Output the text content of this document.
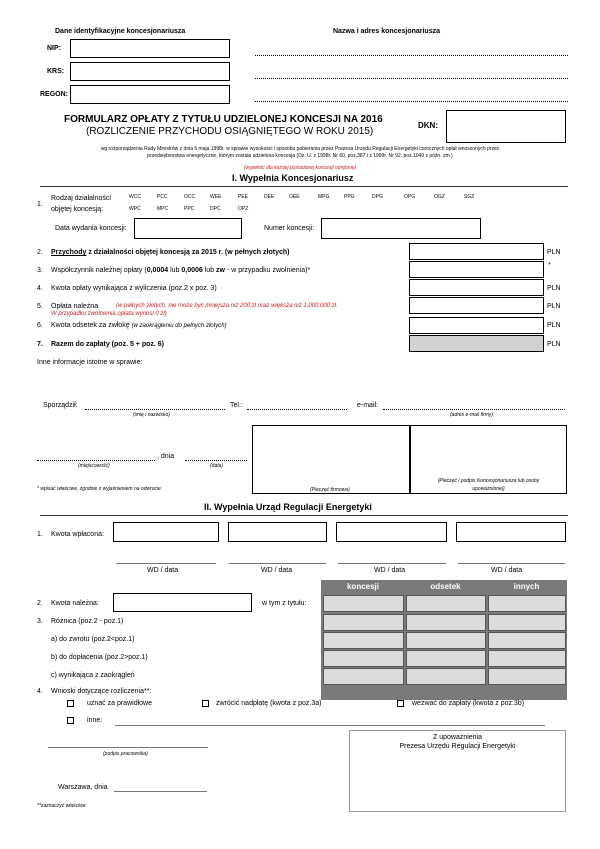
Dane identyfikacyjne koncesjonariusza	Nazwa i adres koncesjonariusza
NIP:
KRS:
REGON:
FORMULARZ OPŁATY Z TYTUŁU UDZIELONEJ KONCESJI NA 2016
(ROZLICZENIE PRZYCHODU OSIĄGNIĘTEGO W ROKU 2015)
DKN:
wg rozporządzenia Rady Ministrów z dnia 5 maja 1998r. w sprawie wysokości i sposobu pobierania przez Prezesa Urzędu Regulacji Energetyki corocznych opłat wnoszonych przez
przedsiębiorstwa energetyczne, którym została udzielona koncesja (Dz. U. z 1998r. Nr 60, poz.387 i z 1999r. Nr 92, poz.1049 z późn. zm.)
(wypełnić dla każdej posiadanej koncesji odrębnie)
I. Wypełnia Koncesjonariusz
1.
Rodzaj działalności
objętej koncesją:
WCC	PCC	OCC	WEE	PEE	DEE	OEE	MPG	PPG	DPG	OPG	OGZ	SGZ
WPC	MPC	PPC	DPC	OPZ
Data wydania koncesji:	Numer koncesji:
2. Przychody z działalności objętej koncesją za 2015 r. (w pełnych złotych)	PLN
3. Współczynnik należnej opłaty (0,0004 lub 0,0006 lub zw - w przypadku zwolnienia)*
*
4. Kwota opłaty wynikająca z wyliczenia (poz.2 x poz. 3)	PLN
5. Opłata należna	(w pełnych złotych, nie może być mniejsza niż 200 zł oraz większa niż 1.000.000 zł.
W przypadku zwolnienia opłata wynosi 0 zł)
PLN
6. Kwota odsetek za zwłokę (w zaokrągleniu do pełnych złotych)	PLN
7. Razem do zapłaty (poz. 5 + poz. 6)	PLN
Inne informacje istotne w sprawie:
Sporządził:	Tel.:	e-mail:
(imię i nazwisko)	(adres e-mail firmy)
, dnia
(miejscowość)	(data)
* wpisać właściwe, zgodnie z wyjaśnieniem na odwrocie	(Pieczęć firmowa)
(Pieczęć i podpis Koncesjonariusza lub osoby
upoważnionej)
II. Wypełnia Urząd Regulacji Energetyki
1. Kwota wpłacona:
WD / data	WD / data	WD / data	WD / data
koncesji	odsetek	innych
2. Kwota należna:	w tym z tytułu:
3. Różnica (poz.2 - poz.1)
a) do zwrotu (poz.2<poz.1)
b) do dopłacenia (poz.2>poz.1)
c) wynikająca z zaokrągleń
4. Wnioski dotyczące rozliczenia**:
uznać za prawidłowe	zwrócić nadpłatę (kwota z poz.3a)	wezwać do zapłaty (kwota z poz.3b)
inne:
Z upoważnienia
Prezesa Urzędu Regulacji Energetyki
(podpis pracownika)
Warszawa, dnia
**zaznaczyć właściwe
